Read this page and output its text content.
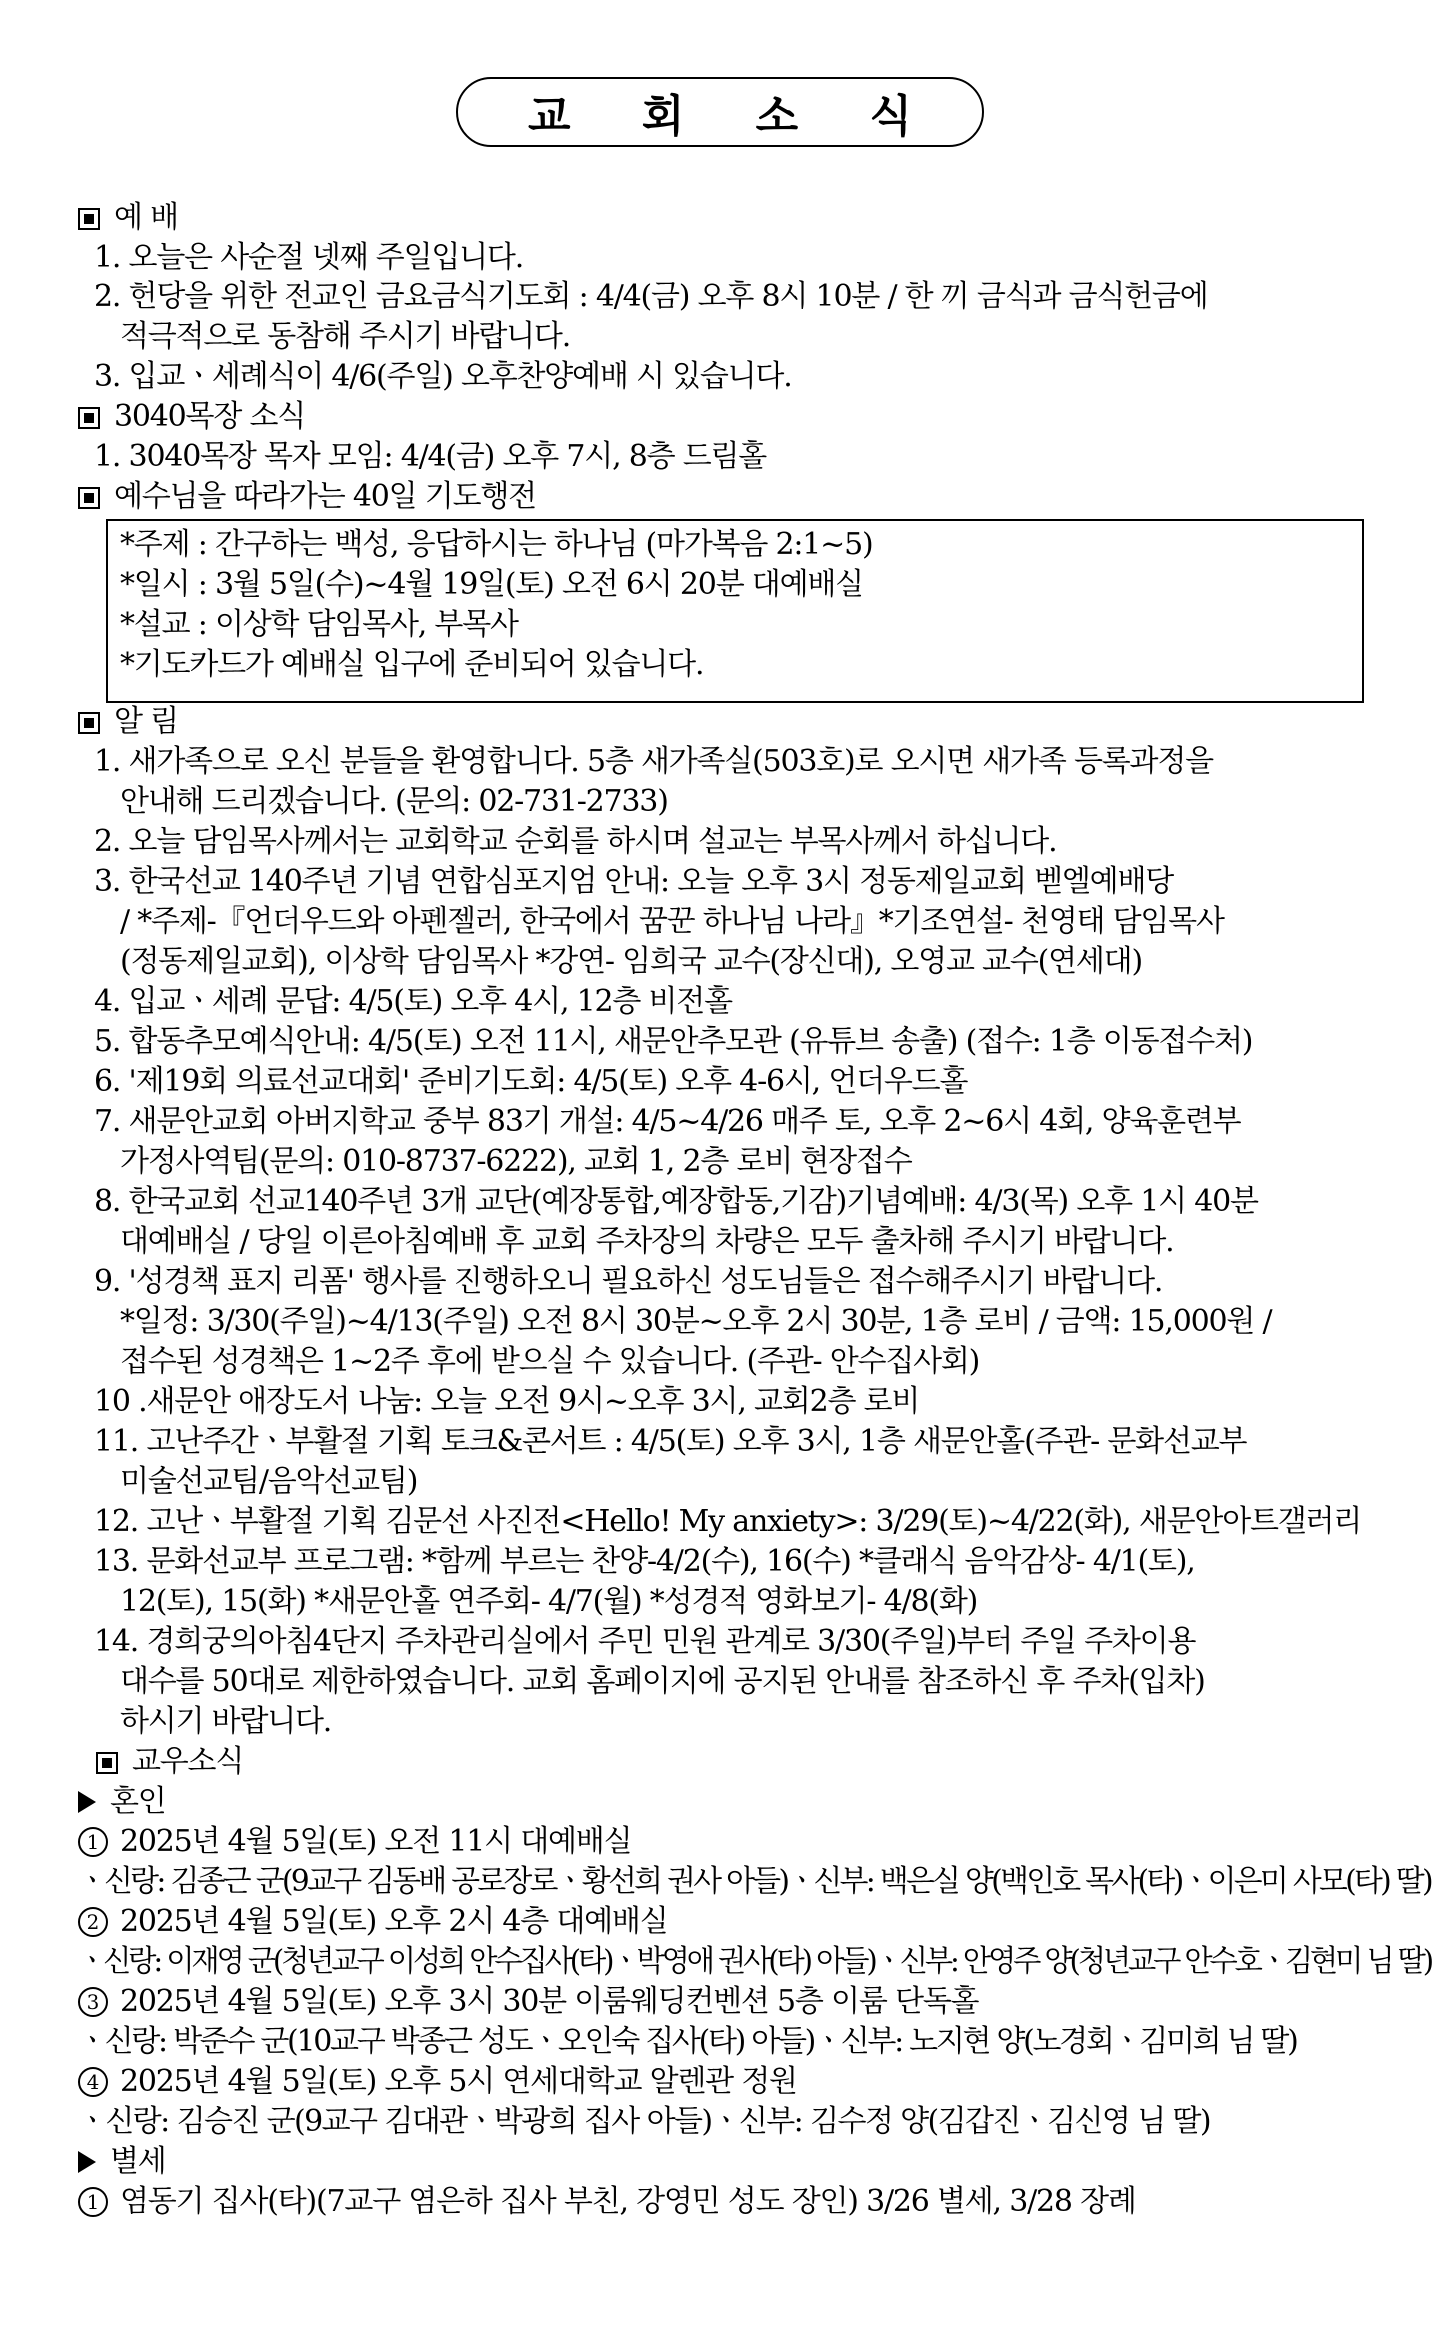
교 회 소 식
예 배
1. 오늘은 사순절 넷째 주일입니다.
2. 헌당을 위한 전교인 금요금식기도회 : 4/4(금) 오후 8시 10분 / 한 끼 금식과 금식헌금에
적극적으로 동참해 주시기 바랍니다.
3. 입교ㆍ세례식이 4/6(주일) 오후찬양예배 시 있습니다.
3040목장 소식
1. 3040목장 목자 모임: 4/4(금) 오후 7시, 8층 드림홀
예수님을 따라가는 40일 기도행전
*주제 : 간구하는 백성, 응답하시는 하나님 (마가복음 2:1~5)
*일시 : 3월 5일(수)~4월 19일(토) 오전 6시 20분 대예배실
*설교 : 이상학 담임목사, 부목사
*기도카드가 예배실 입구에 준비되어 있습니다.
알 림
1. 새가족으로 오신 분들을 환영합니다. 5층 새가족실(503호)로 오시면 새가족 등록과정을
안내해 드리겠습니다. (문의: 02-731-2733)
2. 오늘 담임목사께서는 교회학교 순회를 하시며 설교는 부목사께서 하십니다.
3. 한국선교 140주년 기념 연합심포지엄 안내: 오늘 오후 3시 정동제일교회 벧엘예배당
/ *주제-『언더우드와 아펜젤러, 한국에서 꿈꾼 하나님 나라』*기조연설- 천영태 담임목사
(정동제일교회), 이상학 담임목사 *강연- 임희국 교수(장신대), 오영교 교수(연세대)
4. 입교ㆍ세례 문답: 4/5(토) 오후 4시, 12층 비전홀
5. 합동추모예식안내: 4/5(토) 오전 11시, 새문안추모관 (유튜브 송출) (접수: 1층 이동접수처)
6. '제19회 의료선교대회' 준비기도회: 4/5(토) 오후 4-6시, 언더우드홀
7. 새문안교회 아버지학교 중부 83기 개설: 4/5~4/26 매주 토, 오후 2~6시 4회, 양육훈련부
가정사역팀(문의: 010-8737-6222), 교회 1, 2층 로비 현장접수
8. 한국교회 선교140주년 3개 교단(예장통합,예장합동,기감)기념예배: 4/3(목) 오후 1시 40분
대예배실 / 당일 이른아침예배 후 교회 주차장의 차량은 모두 출차해 주시기 바랍니다.
9. '성경책 표지 리폼' 행사를 진행하오니 필요하신 성도님들은 접수해주시기 바랍니다.
*일정: 3/30(주일)~4/13(주일) 오전 8시 30분~오후 2시 30분, 1층 로비 / 금액: 15,000원 /
접수된 성경책은 1~2주 후에 받으실 수 있습니다. (주관- 안수집사회)
10 .새문안 애장도서 나눔: 오늘 오전 9시~오후 3시, 교회2층 로비
11. 고난주간ㆍ부활절 기획 토크&콘서트 : 4/5(토) 오후 3시, 1층 새문안홀(주관- 문화선교부
미술선교팀/음악선교팀)
12. 고난ㆍ부활절 기획 김문선 사진전<Hello! My anxiety>: 3/29(토)~4/22(화), 새문안아트갤러리
13. 문화선교부 프로그램: *함께 부르는 찬양-4/2(수), 16(수) *클래식 음악감상- 4/1(토),
12(토), 15(화) *새문안홀 연주회- 4/7(월) *성경적 영화보기- 4/8(화)
14. 경희궁의아침4단지 주차관리실에서 주민 민원 관계로 3/30(주일)부터 주일 주차이용
대수를 50대로 제한하였습니다. 교회 홈페이지에 공지된 안내를 참조하신 후 주차(입차)
하시기 바랍니다.
교우소식
혼인
1 2025년 4월 5일(토) 오전 11시 대예배실
ㆍ신랑: 김종근 군(9교구 김동배 공로장로ㆍ황선희 권사 아들)ㆍ신부: 백은실 양(백인호 목사(타)ㆍ이은미 사모(타) 딸)
2 2025년 4월 5일(토) 오후 2시 4층 대예배실
ㆍ신랑: 이재영 군(청년교구 이성희 안수집사(타)ㆍ박영애 권사(타) 아들)ㆍ신부: 안영주 양(청년교구 안수호ㆍ김현미 님 딸)
3 2025년 4월 5일(토) 오후 3시 30분 이룸웨딩컨벤션 5층 이룸 단독홀
ㆍ신랑: 박준수 군(10교구 박종근 성도ㆍ오인숙 집사(타) 아들)ㆍ신부: 노지현 양(노경회ㆍ김미희 님 딸)
4 2025년 4월 5일(토) 오후 5시 연세대학교 알렌관 정원
ㆍ신랑: 김승진 군(9교구 김대관ㆍ박광희 집사 아들)ㆍ신부: 김수정 양(김갑진ㆍ김신영 님 딸)
별세
1 염동기 집사(타)(7교구 염은하 집사 부친, 강영민 성도 장인) 3/26 별세, 3/28 장례
